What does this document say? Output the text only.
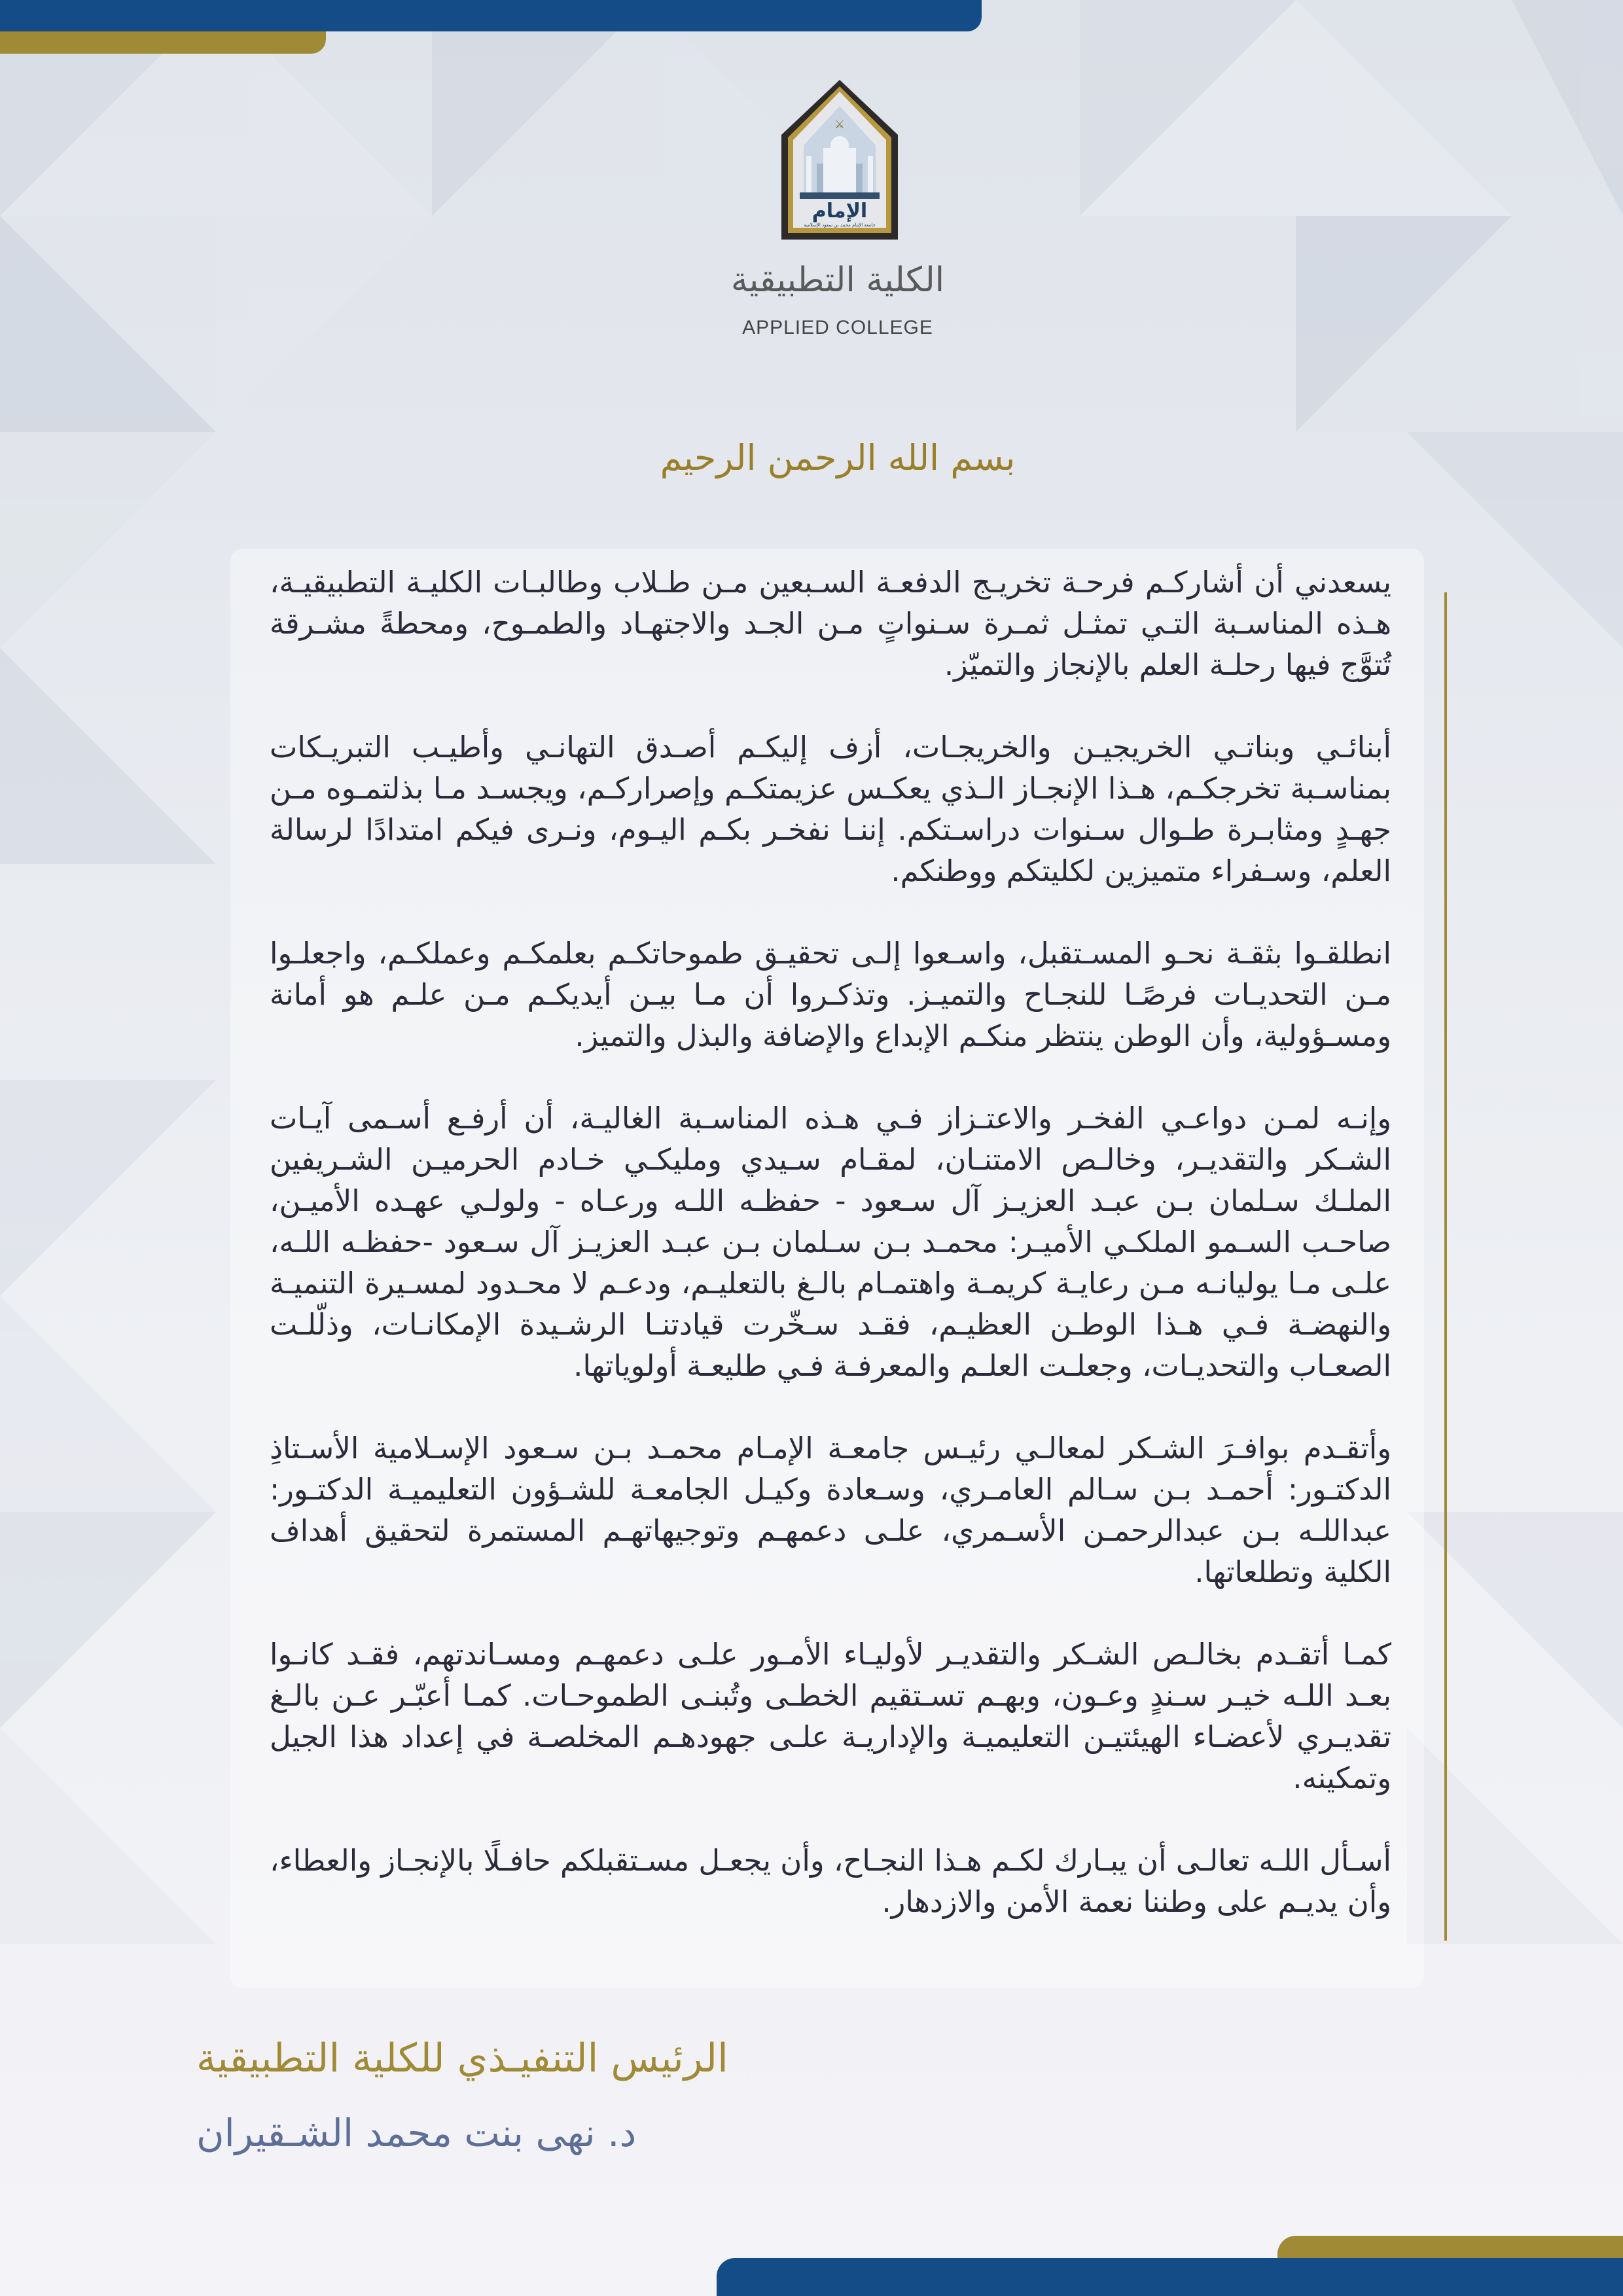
⚔
الإمام
جامعة الإمام محمد بن سعود الإسلامية
الكلية التطبيقية
APPLIED COLLEGE
بسم الله الرحمن الرحيم

يسعدني أن أشاركـم فرحـة تخريـج الدفعـة السـبعين مـن طـلاب وطالبـات الكليـة التطبيقيـة، هـذه المناسـبة التـي تمثـل ثمـرة سـنواتٍ مـن الجـد والاجتهـاد والطمـوح، ومحطةً مشـرقة تُتوَّج فيها رحلـة العلم بالإنجاز والتميّز.

أبنائـي وبناتـي الخريجيـن والخريجـات، أزف إليكـم أصـدق التهانـي وأطيـب التبريـكات بمناسـبة تخرجكـم، هـذا الإنجـاز الـذي يعكـس عزيمتكـم وإصراركـم، ويجسـد مـا بذلتمـوه مـن جهـدٍ ومثابـرة طـوال سـنوات دراسـتكم. إننـا نفخـر بكـم اليـوم، ونـرى فيكم امتدادًا لرسالة العلم، وسـفراء متميزين لكليتكم ووطنكم.

انطلقـوا بثقـة نحـو المسـتقبل، واسـعوا إلـى تحقيـق طموحاتكـم بعلمكـم وعملكـم، واجعلـوا مـن التحديـات فرصًـا للنجـاح والتميـز. وتذكـروا أن مـا بيـن أيديكـم مـن علـم هو أمانة ومسـؤولية، وأن الوطن ينتظر منكـم الإبداع والإضافة والبذل والتميز.

وإنـه لمـن دواعـي الفخـر والاعتـزاز فـي هـذه المناسـبة الغاليـة، أن أرفـع أسـمى آيـات الشـكر والتقديـر، وخالـص الامتنـان، لمقـام سـيدي ومليكـي خـادم الحرميـن الشـريفين الملـك سـلمان بـن عبـد العزيـز آل سـعود - حفظـه اللـه ورعـاه - ولولـي عهـده الأميـن، صاحـب السـمو الملكـي الأميـر: محمـد بـن سـلمان بـن عبـد العزيـز آل سـعود -حفظـه اللـه، علـى مـا يوليانـه مـن رعايـة كريمـة واهتمـام بالـغ بالتعليـم، ودعـم لا محـدود لمسـيرة التنميـة والنهضـة فـي هـذا الوطـن العظيـم، فقـد سـخّرت قيادتنـا الرشـيدة الإمكانـات، وذلّلـت الصعـاب والتحديـات، وجعلـت العلـم والمعرفـة فـي طليعـة أولوياتها.

وأتقـدم بوافـرَ الشـكر لمعالـي رئيـس جامعـة الإمـام محمـد بـن سـعود الإسـلامية الأسـتاذِ الدكتـور: أحمـد بـن سـالم العامـري، وسـعادة وكيـل الجامعـة للشـؤون التعليميـة الدكتـور: عبداللـه بـن عبدالرحمـن الأسـمري، علـى دعمهـم وتوجيهاتهـم المستمرة لتحقيق أهداف الكلية وتطلعاتها.

كمـا أتقـدم بخالـص الشـكر والتقديـر لأوليـاء الأمـور علـى دعمهـم ومسـاندتهم، فقـد كانـوا بعـد اللـه خيـر سـندٍ وعـون، وبهـم تسـتقيم الخطـى وتُبنـى الطموحـات. كمـا أعبّـر عـن بالـغ تقديـري لأعضـاء الهيئتيـن التعليميـة والإداريـة علـى جهودهـم المخلصـة في إعداد هذا الجيل وتمكينه.

أسـأل اللـه تعالـى أن يبـارك لكـم هـذا النجـاح، وأن يجعـل مسـتقبلكم حافـلًا بالإنجـاز والعطاء، وأن يديـم على وطننا نعمة الأمن والازدهار.

الرئيس التنفيـذي للكلية التطبيقية
د. نهى بنت محمد الشـقيران
